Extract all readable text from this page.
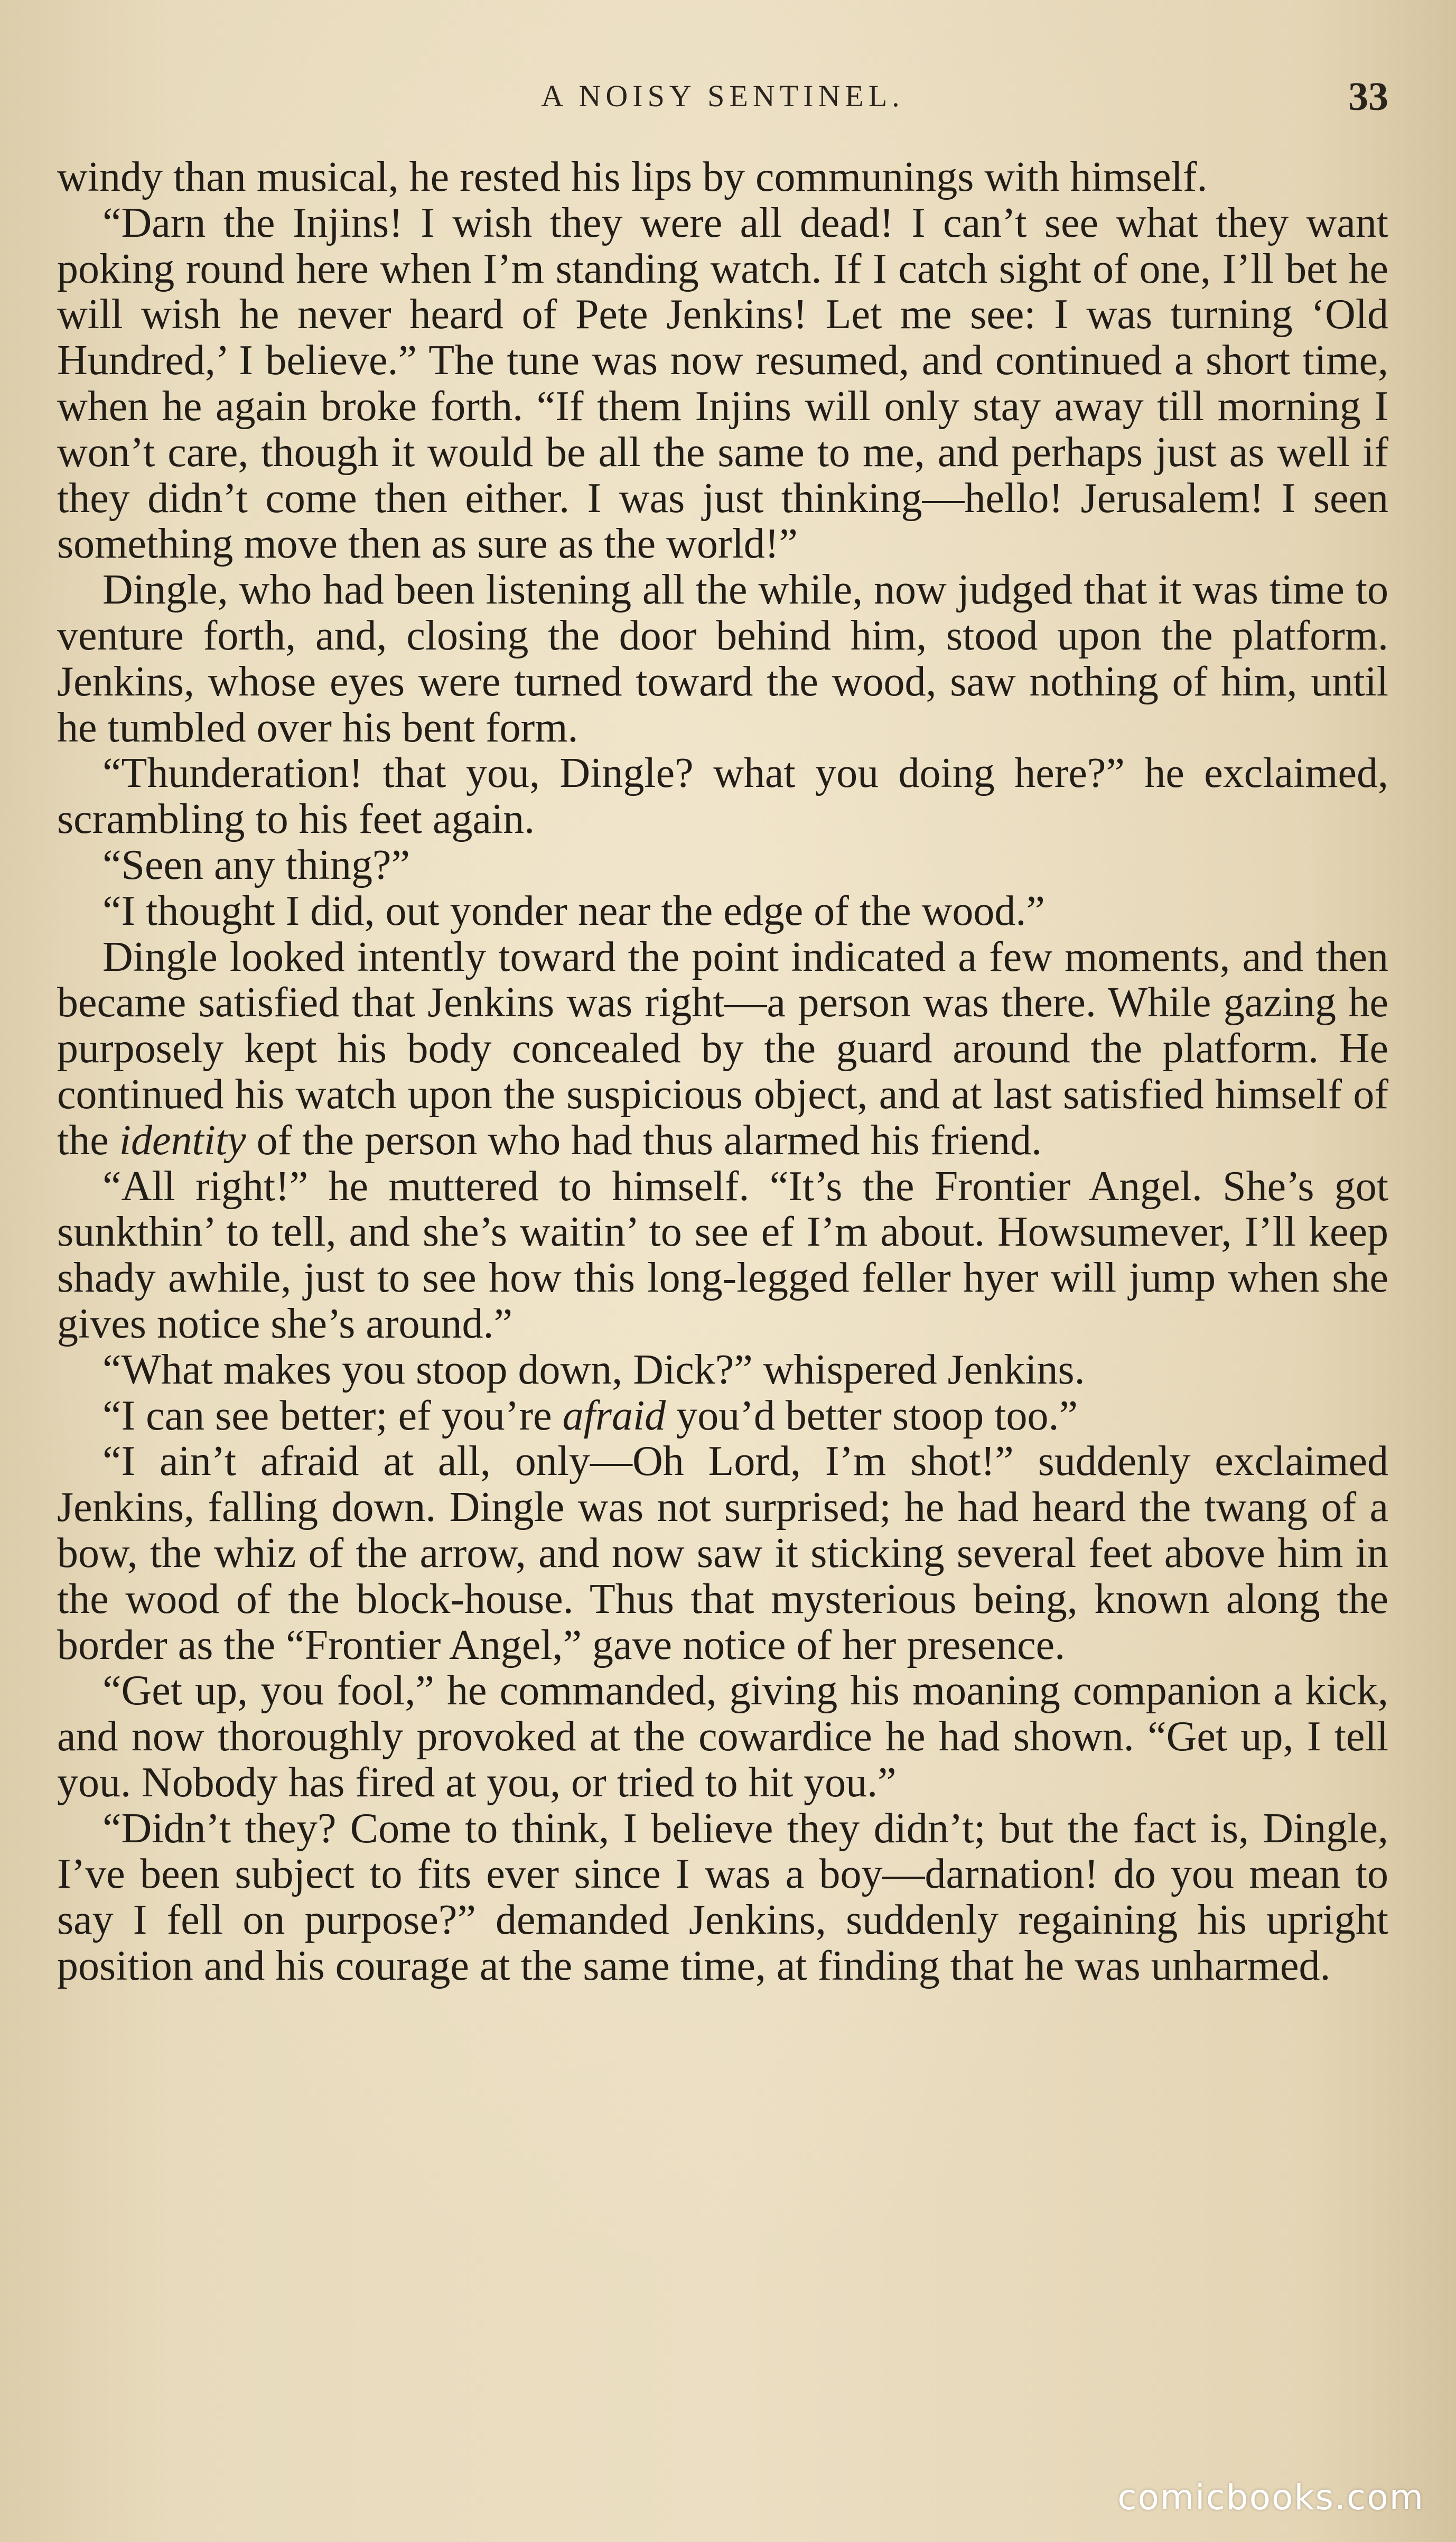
A NOISY SENTINEL.	33

windy than musical, he rested his lips by communings with himself.

“Darn the Injins! I wish they were all dead! I can’t see what they want poking round here when I’m standing watch. If I catch sight of one, I’ll bet he will wish he never heard of Pete Jenkins! Let me see: I was turning ‘Old Hundred,’ I believe.” The tune was now resumed, and continued a short time, when he again broke forth. “If them Injins will only stay away till morning I won’t care, though it would be all the same to me, and perhaps just as well if they didn’t come then either. I was just thinking—hello! Jerusalem! I seen something move then as sure as the world!”

Dingle, who had been listening all the while, now judged that it was time to venture forth, and, closing the door behind him, stood upon the platform. Jenkins, whose eyes were turned toward the wood, saw nothing of him, until he tumbled over his bent form.

“Thunderation! that you, Dingle? what you doing here?” he exclaimed, scrambling to his feet again.

“Seen any thing?”

“I thought I did, out yonder near the edge of the wood.”

Dingle looked intently toward the point indicated a few moments, and then became satisfied that Jenkins was right—a person was there. While gazing he purposely kept his body concealed by the guard around the platform. He continued his watch upon the suspicious object, and at last satisfied himself of the identity of the person who had thus alarmed his friend.

“All right!” he muttered to himself. “It’s the Frontier Angel. She’s got sunkthin’ to tell, and she’s waitin’ to see ef I’m about. Howsumever, I’ll keep shady awhile, just to see how this long-legged feller hyer will jump when she gives notice she’s around.”

“What makes you stoop down, Dick?” whispered Jenkins.

“I can see better; ef you’re afraid you’d better stoop too.”

“I ain’t afraid at all, only—Oh Lord, I’m shot!” suddenly exclaimed Jenkins, falling down. Dingle was not surprised; he had heard the twang of a bow, the whiz of the arrow, and now saw it sticking several feet above him in the wood of the block-house. Thus that mysterious being, known along the border as the “Frontier Angel,” gave notice of her presence.

“Get up, you fool,” he commanded, giving his moaning companion a kick, and now thoroughly provoked at the cowardice he had shown. “Get up, I tell you. Nobody has fired at you, or tried to hit you.”

“Didn’t they? Come to think, I believe they didn’t; but the fact is, Dingle, I’ve been subject to fits ever since I was a boy—darnation! do you mean to say I fell on purpose?” demanded Jenkins, suddenly regaining his upright position and his courage at the same time, at finding that he was unharmed.

comicbooks.com
